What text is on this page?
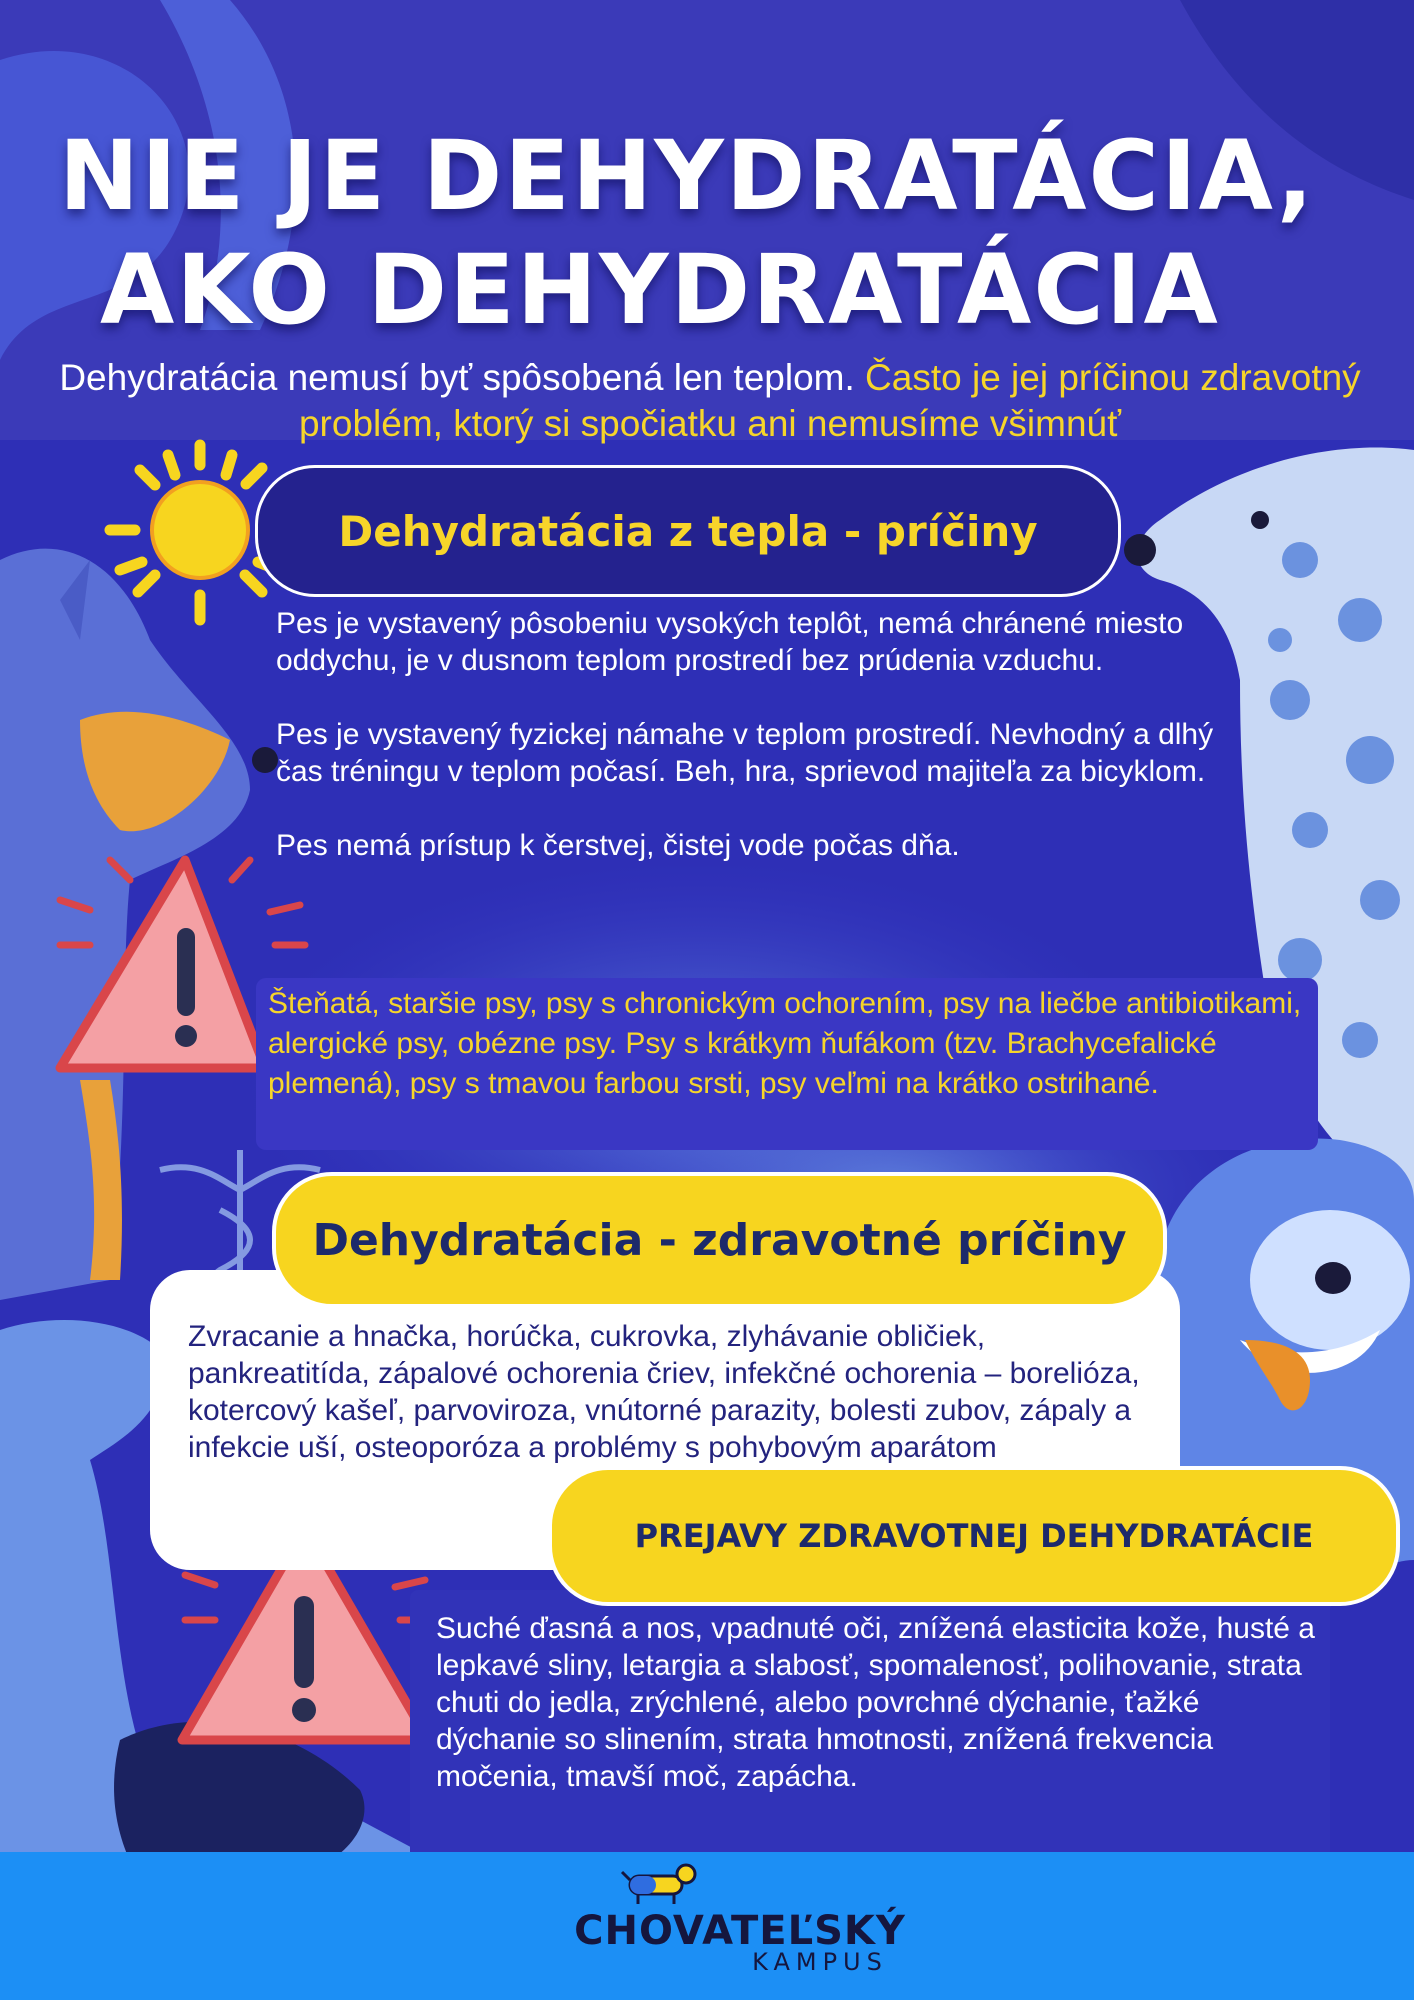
NIE JE DEHYDRATÁCIA,
AKO DEHYDRATÁCIA
Dehydratácia nemusí byť spôsobená len teplom. Často je jej príčinou zdravotný problém, ktorý si spočiatku ani nemusíme všimnúť
Dehydratácia z tepla - príčiny

Pes je vystavený pôsobeniu vysokých teplôt, nemá chránené miesto oddychu, je v dusnom teplom prostredí bez prúdenia vzduchu.

Pes je vystavený fyzickej námahe v teplom prostredí. Nevhodný a dlhý čas tréningu v teplom počasí. Beh, hra, sprievod majiteľa za bicyklom.

Pes nemá prístup k čerstvej, čistej vode počas dňa.

Šteňatá, staršie psy, psy s chronickým ochorením, psy na liečbe antibiotikami, alergické psy, obézne psy. Psy s krátkym ňufákom (tzv. Brachycefalické plemená), psy s tmavou farbou srsti, psy veľmi na krátko ostrihané.
Dehydratácia - zdravotné príčiny
Zvracanie a hnačka, horúčka, cukrovka, zlyhávanie obličiek, pankreatitída, zápalové ochorenia čriev, infekčné ochorenia – borelióza, kotercový kašeľ, parvoviroza, vnútorné parazity, bolesti zubov, zápaly a infekcie uší, osteoporóza a problémy s pohybovým aparátom
PREJAVY ZDRAVOTNEJ DEHYDRATÁCIE
Suché ďasná a nos, vpadnuté oči, znížená elasticita kože, husté a lepkavé sliny, letargia a slabosť, spomalenosť, polihovanie, strata chuti do jedla, zrýchlené, alebo povrchné dýchanie, ťažké dýchanie so slinením, strata hmotnosti, znížená frekvencia močenia, tmavší moč, zapácha.
CHOVATEĽSKÝ
KAMPUS
